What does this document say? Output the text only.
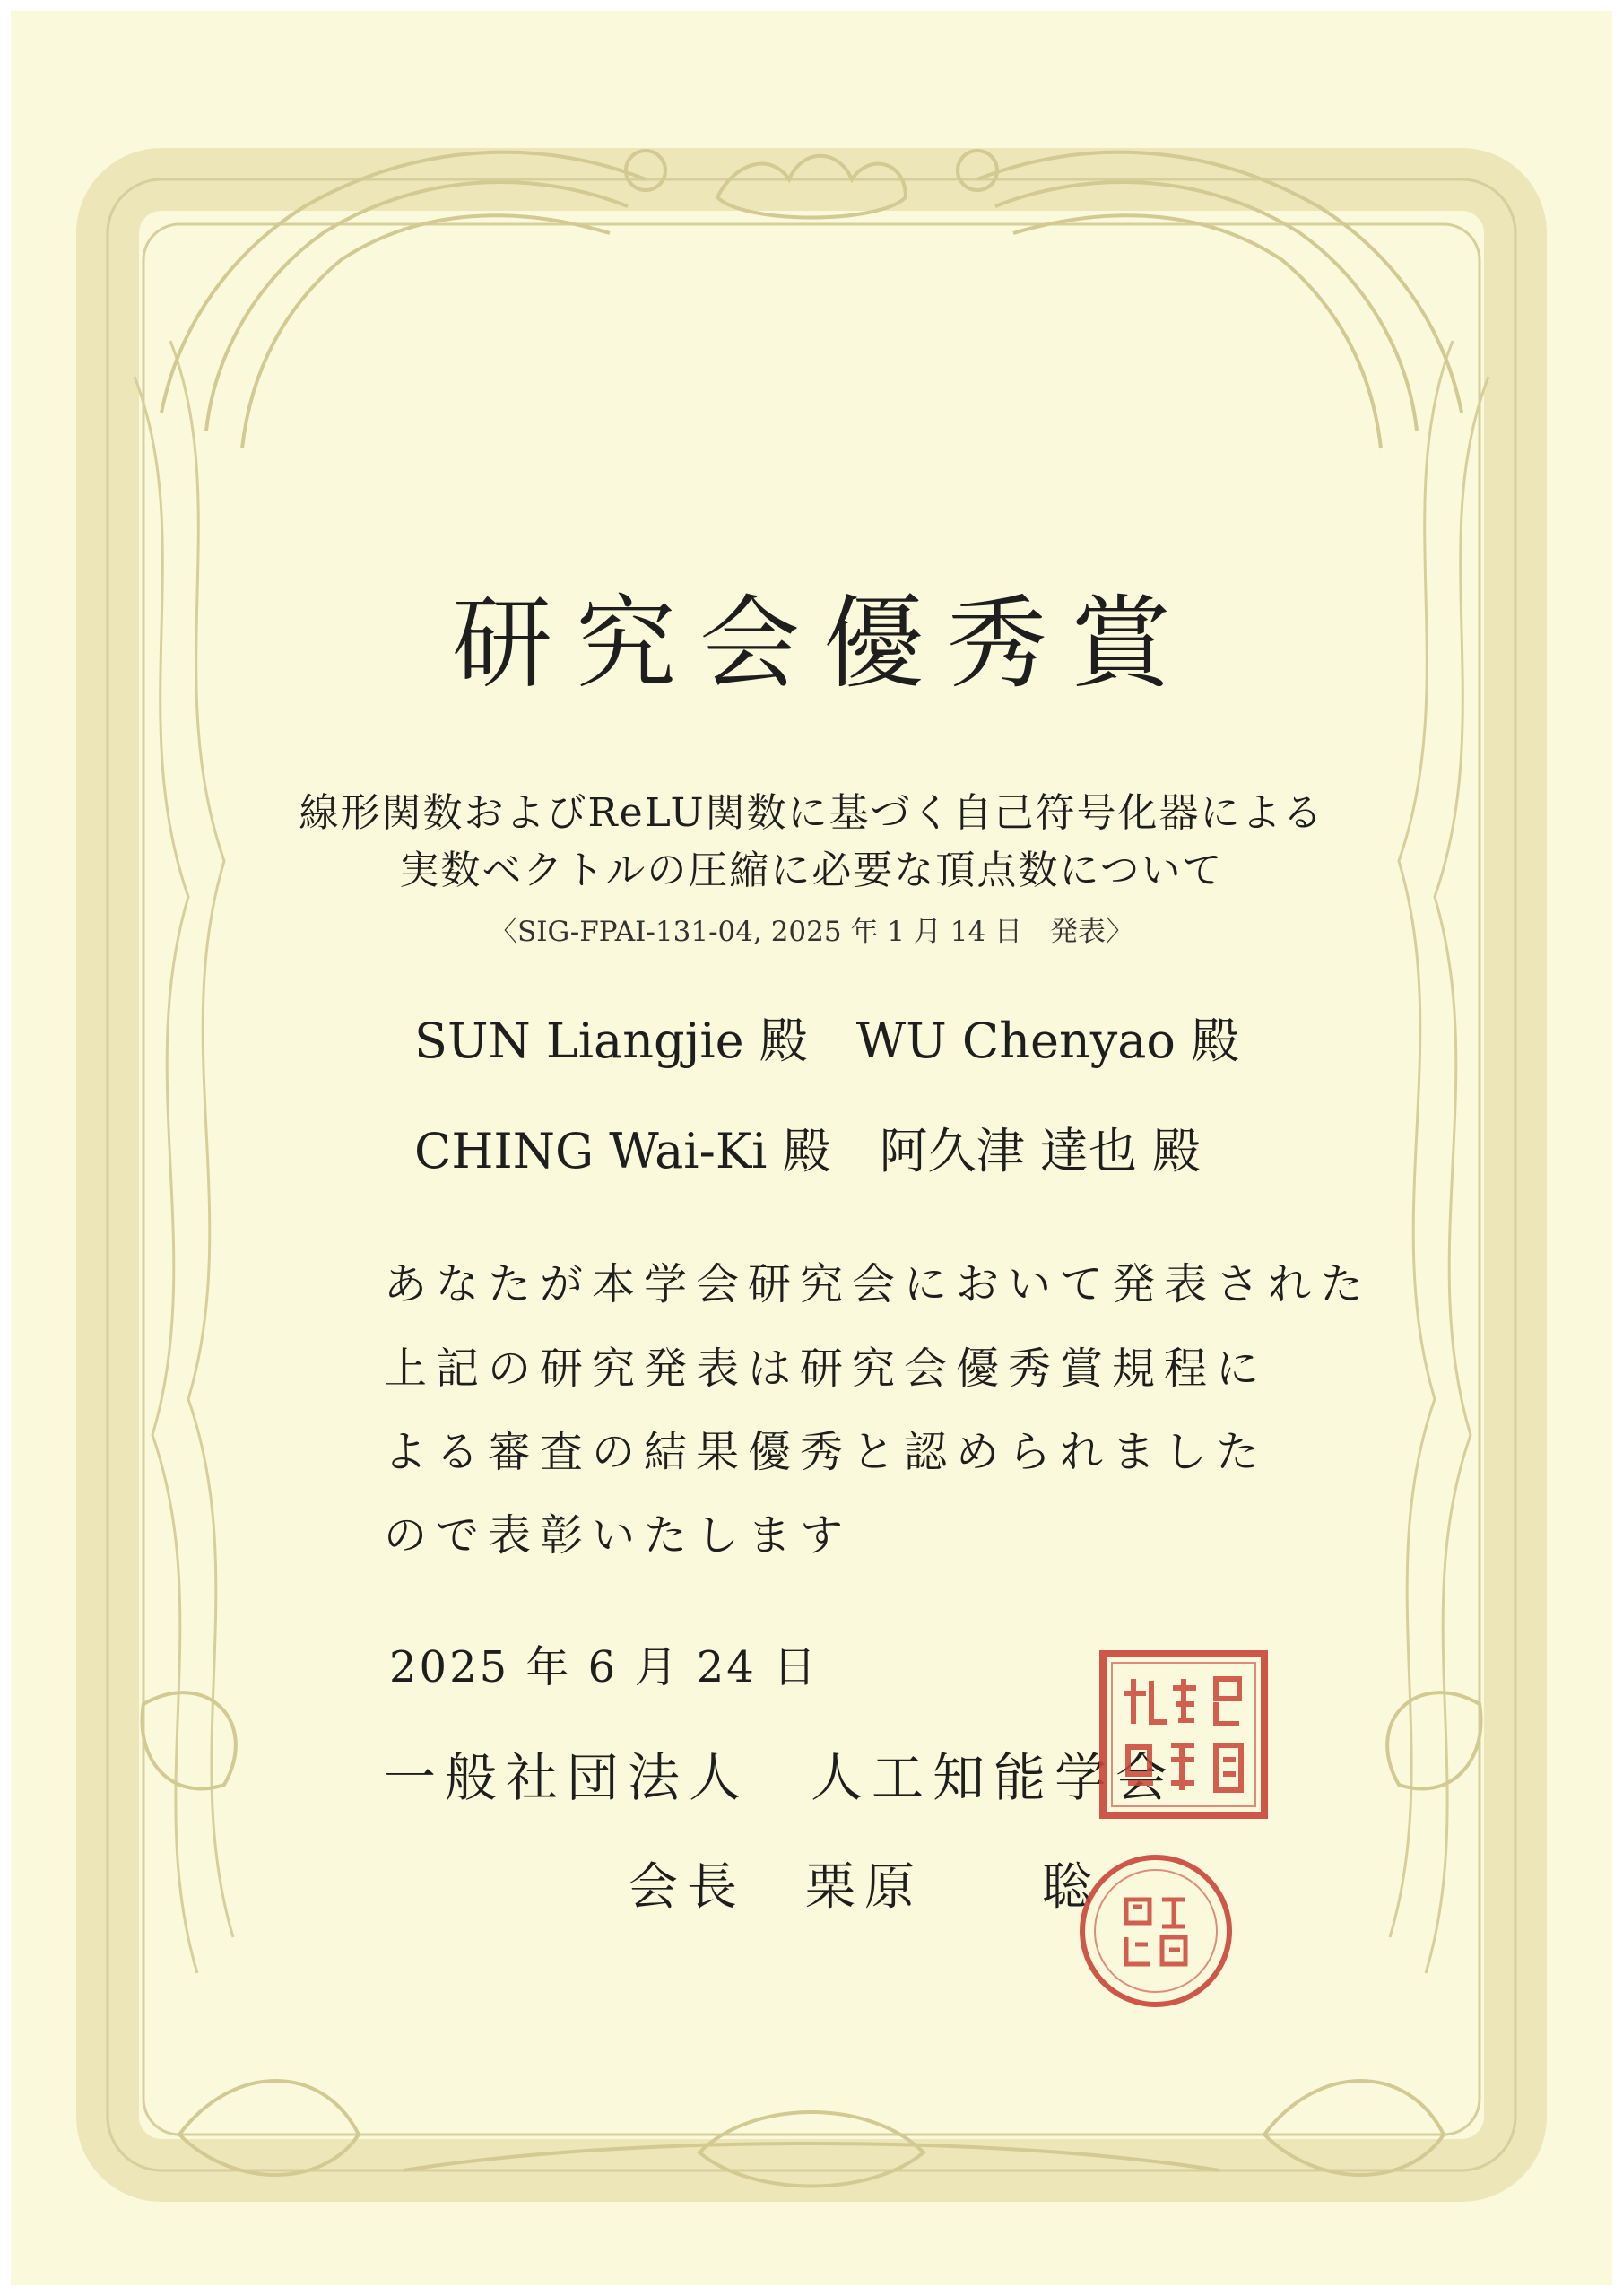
研究会優秀賞
線形関数およびReLU関数に基づく自己符号化器による
実数ベクトルの圧縮に必要な頂点数について
〈SIG-FPAI-131-04, 2025 年 1 月 14 日　発表〉
SUN Liangjie 殿　WU Chenyao 殿
CHING Wai-Ki 殿　阿久津 達也 殿
あなたが本学会研究会において発表された
上記の研究発表は研究会優秀賞規程に
よる審査の結果優秀と認められました
ので表彰いたします
2025 年 6 月 24 日
一般社団法人　人工知能学会
会長　栗原　　聡
